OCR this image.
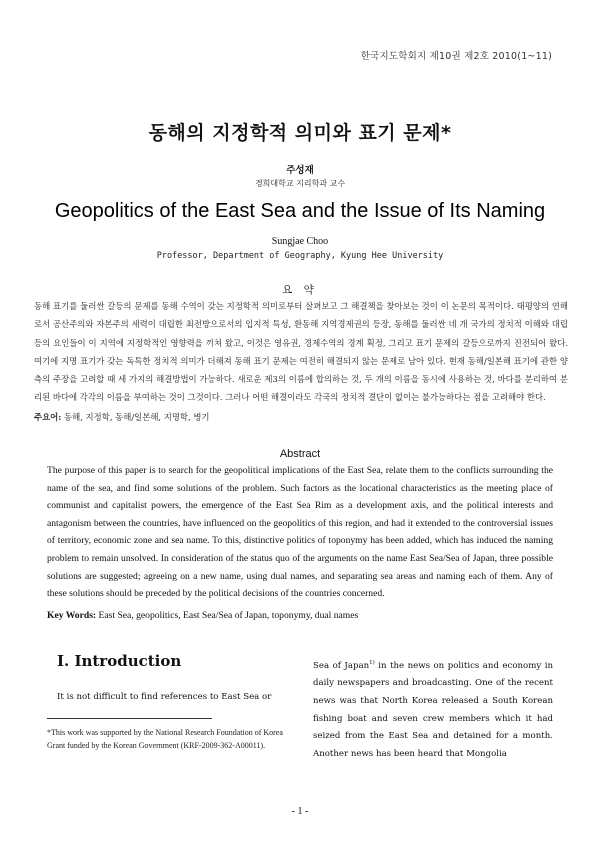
한국지도학회지 제10권 제2호 2010(1~11)
동해의 지정학적 의미와 표기 문제*
주성재
경희대학교 지리학과 교수
Geopolitics of the East Sea and the Issue of Its Naming
Sungjae Choo
Professor, Department of Geography, Kyung Hee University
요 약
동해 표기를 둘러싼 갈등의 문제를 동해 수역이 갖는 지정학적 의미로부터 살펴보고 그 해결책을 찾아보는 것이 이 논문의 목적이다. 태평양의 연해로서 공산주의와 자본주의 세력이 대립한 최전방으로서의 입지적 특성, 환동해 지역경제권의 등장, 동해를 둘러싼 네 개 국가의 정치적 이해와 대립 등의 요인들이 이 지역에 지정학적인 영향력을 끼쳐 왔고, 이것은 영유권, 경제수역의 경계 획정, 그리고 표기 문제의 갈등으로까지 진전되어 왔다. 여기에 지명 표기가 갖는 독특한 정치적 의미가 더해져 동해 표기 문제는 여전히 해결되지 않는 문제로 남아 있다. 현재 동해/일본해 표기에 관한 양측의 주장을 고려할 때 세 가지의 해결방법이 가능하다. 새로운 제3의 이름에 합의하는 것, 두 개의 이름을 동시에 사용하는 것, 바다를 분리하여 분리된 바다에 각각의 이름을 부여하는 것이 그것이다. 그러나 어떤 해결이라도 각국의 정치적 결단이 없이는 불가능하다는 점을 고려해야 한다.
주요어: 동해, 지정학, 동해/일본해, 지명학, 병기
Abstract
The purpose of this paper is to search for the geopolitical implications of the East Sea, relate them to the conflicts surrounding the name of the sea, and find some solutions of the problem. Such factors as the locational characteristics as the meeting place of communist and capitalist powers, the emergence of the East Sea Rim as a development axis, and the political interests and antagonism between the countries, have influenced on the geopolitics of this region, and had it extended to the controversial issues of territory, economic zone and sea name. To this, distinctive politics of toponymy has been added, which has induced the naming problem to remain unsolved. In consideration of the status quo of the arguments on the name East Sea/Sea of Japan, three possible solutions are suggested; agreeing on a new name, using dual names, and separating sea areas and naming each of them. Any of these solutions should be preceded by the political decisions of the countries concerned.
Key Words: East Sea, geopolitics, East Sea/Sea of Japan, toponymy, dual names
I. Introduction
It is not difficult to find references to East Sea or
*This work was supported by the National Research Foundation of Korea Grant funded by the Korean Government (KRF-2009-362-A00011).
Sea of Japan$^{1)}$ in the news on politics and economy in daily newspapers and broadcasting. One of the recent news was that North Korea released a South Korean fishing boat and seven crew members which it had seized from the East Sea and detained for a month. Another news has been heard that Mongolia
- 1 -
